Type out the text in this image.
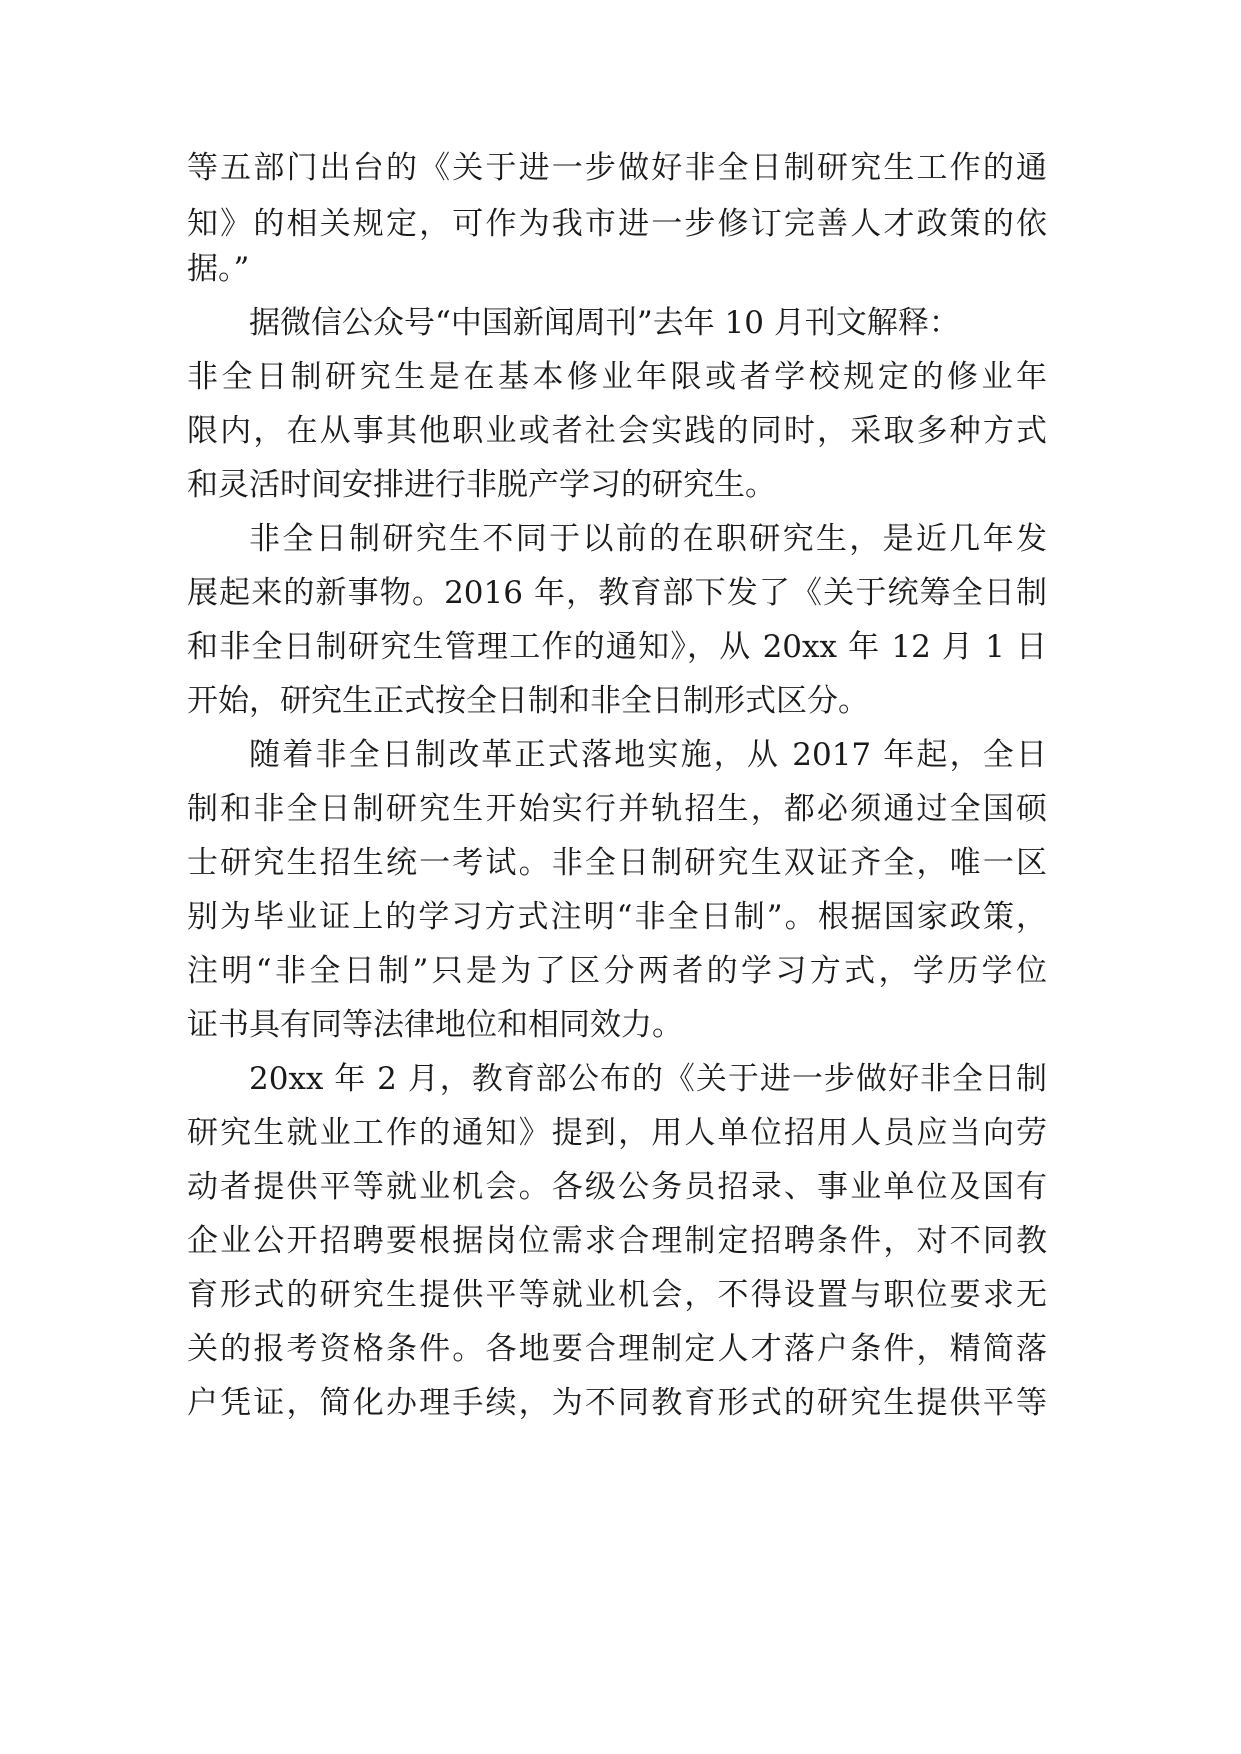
等五部门出台的《关于进一步做好非全日制研究生工作的通
知》的相关规定，可作为我市进一步修订完善人才政策的依
据。”
据微信公众号“中国新闻周刊”去年 10 月刊文解释：
非全日制研究生是在基本修业年限或者学校规定的修业年
限内，在从事其他职业或者社会实践的同时，采取多种方式
和灵活时间安排进行非脱产学习的研究生。
非全日制研究生不同于以前的在职研究生，是近几年发
展起来的新事物。2016 年，教育部下发了《关于统筹全日制
和非全日制研究生管理工作的通知》，从 20xx 年 12 月 1 日
开始，研究生正式按全日制和非全日制形式区分。
随着非全日制改革正式落地实施，从 2017 年起，全日
制和非全日制研究生开始实行并轨招生，都必须通过全国硕
士研究生招生统一考试。非全日制研究生双证齐全，唯一区
别为毕业证上的学习方式注明“非全日制”。根据国家政策，
注明“非全日制”只是为了区分两者的学习方式，学历学位
证书具有同等法律地位和相同效力。
20xx 年 2 月，教育部公布的《关于进一步做好非全日制
研究生就业工作的通知》提到，用人单位招用人员应当向劳
动者提供平等就业机会。各级公务员招录、事业单位及国有
企业公开招聘要根据岗位需求合理制定招聘条件，对不同教
育形式的研究生提供平等就业机会，不得设置与职位要求无
关的报考资格条件。各地要合理制定人才落户条件，精简落
户凭证，简化办理手续，为不同教育形式的研究生提供平等
